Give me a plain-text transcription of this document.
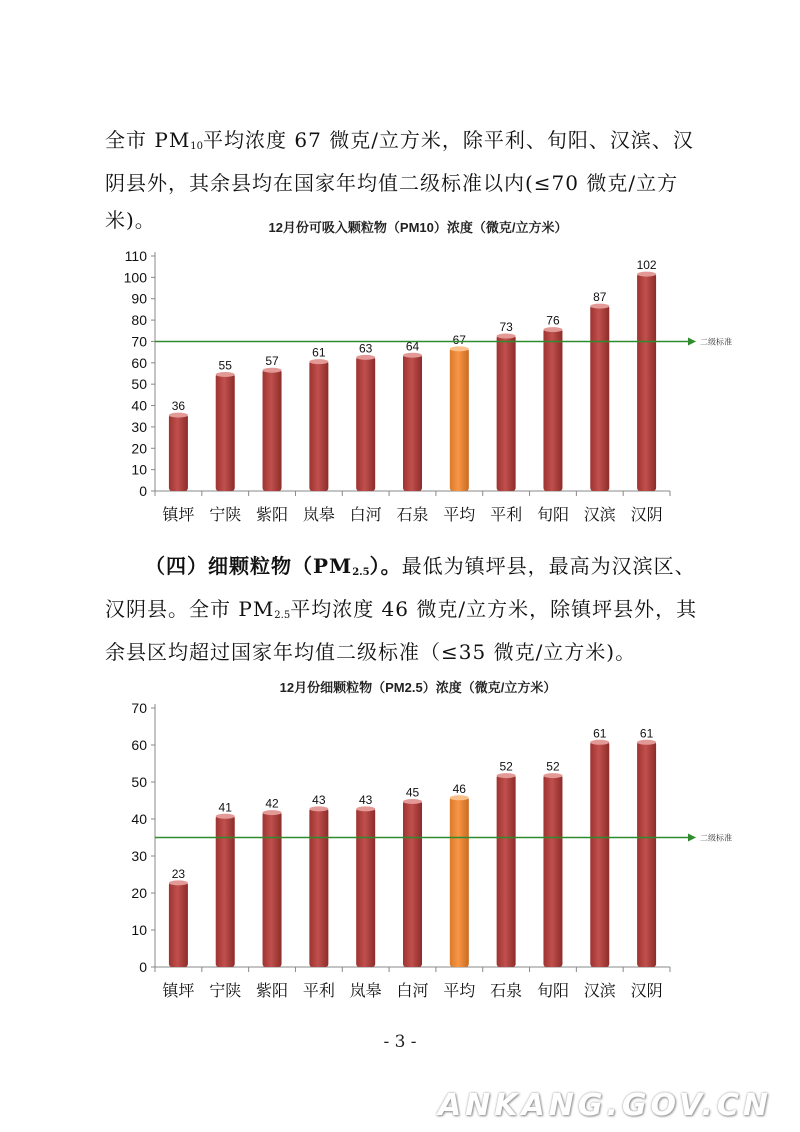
全市 $PM_{10}$平均浓度 67 微克/立方米，除平利、旬阳、汉滨、汉阴县外，其余县均在国家年均值二级标准以内(≤70 微克/立方米)。	12月份可吸入颗粒物（PM10）浓度（微克/立方米）
0
10
20
30
40
50
60
70
80
90
100
110
36
镇坪
55
宁陕
57
紫阳
61
岚皋
63
白河
64
石泉
67
平均
73
平利
76
旬阳
87
汉滨
102
汉阴
二级标准

（四）细颗粒物$(PM_{2.5})$。最低为镇坪县，最高为汉滨区、汉阴县。全市 $PM_{2.5}$平均浓度 46 微克/立方米，除镇坪县外，其余县区均超过国家年均值二级标准（≤35 微克/立方米)。

12月份细颗粒物（PM2.5）浓度（微克/立方米）
0
10
20
30
40
50
60
70
23
镇坪
41
宁陕
42
紫阳
43
平利
43
岚皋
45
白河
46
平均
52
石泉
52
旬阳
61
汉滨
61
汉阴
二级标准
- 3 -
ANKANG.GOV.CN
